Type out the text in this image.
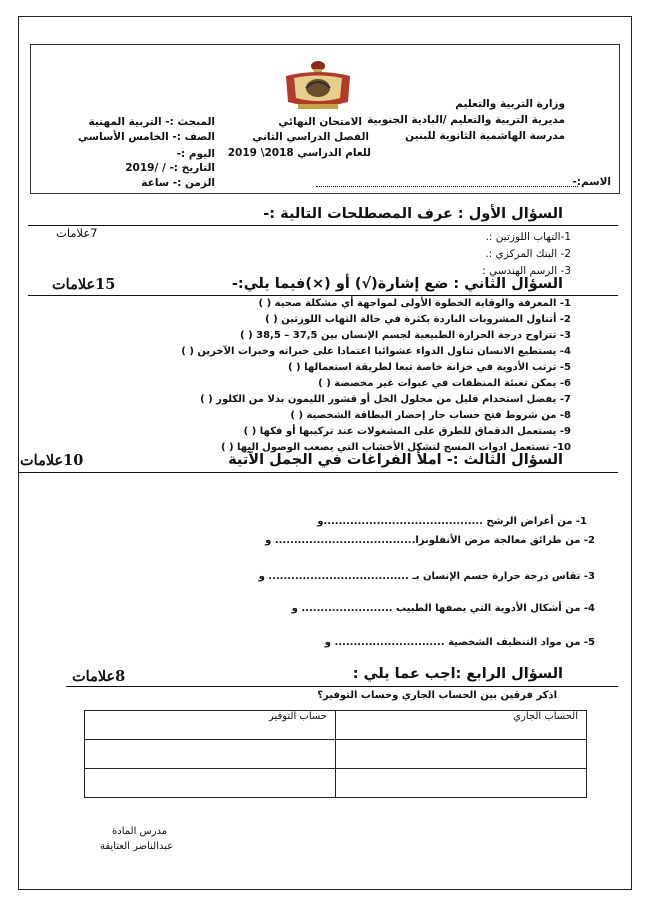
وزارة التربية والتعليم
مديرية التربية والتعليم /البادية الجنوبية
مدرسة الهاشمية الثانوية للبنين
الاسم:-
الامتحان النهائي
الفصل الدراسي الثاني
للعام الدراسي 2018\ 2019
المبحث :- التربية المهنية
الصف :- الخامس الأساسي
اليوم :-
التاريخ :- / /2019
الزمن :- ساعة
السؤال الأول : عرف المصطلحات التالية :-
7علامات	1-التهاب اللوزتين :.
2- البنك المركزي :.
3- الرسم الهندسي :
السؤال الثاني : ضع إشارة(√) أو (×)فيما يلي:-
15علامات
1- المعرفة والوقاية الخطوة الأولى لمواجهة أي مشكلة صحية ( )
2- أتناول المشروبات الباردة بكثرة في حالة التهاب اللوزتين ( )
3- تتراوح درجة الحرارة الطبيعية لجسم الإنسان بين 37,5 – 38,5 ( )
4- يستطيع الانسان تناول الدواء عشوائيا اعتمادا على خبراته وخبرات الآخرين ( )
5- ترتب الأدوية في خزانة خاصة تبعا لطريقة استعمالها ( )
6- يمكن تعبئة المنظفات في عبوات غير مخصصة ( )
7- يفضل استخدام قليل من محلول الخل أو قشور الليمون بدلا من الكلور ( )
8- من شروط فتح حساب جار إحضار البطاقة الشخصية ( )
9- يستعمل الدقماق للطرق على المشغولات عند تركيبها أو فكها ( )
10- تستعمل ادوات المسح لتشكل الأخشاب التي يصعب الوصول اليها ( )
السؤال الثالث :- املأ الفراغات في الجمل الآتية
10علامات
1- من أعراض الرشح ..........................................و
2- من طرائق معالجة مرض الأنفلونزا..................................... و
3- تقاس درجة حرارة جسم الإنسان بـ ..................................... و
4- من أشكال الأدوية التي يصفها الطبيب ........................ و
5- من مواد التنظيف الشخصية ............................. و
السؤال الرابع :اجب عما يلي :
8علامات
اذكر فرقين بين الحساب الجاري وحساب التوفير؟
الحساب الجاري	حساب التوفير

مدرس المادة
عبدالناصر العتايقة
